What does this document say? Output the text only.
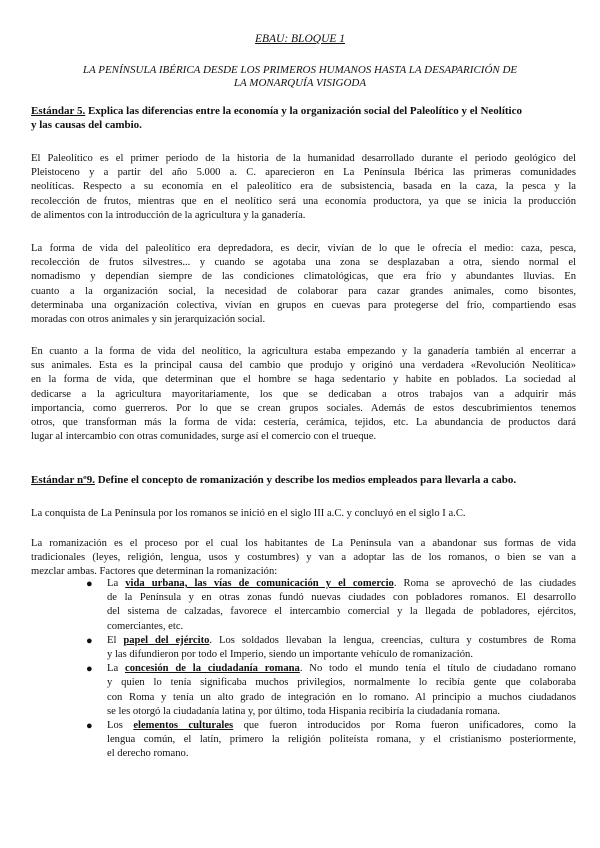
EBAU: BLOQUE 1
LA PENÍNSULA IBÉRICA DESDE LOS PRIMEROS HUMANOS HASTA LA DESAPARICIÓN DE
LA MONARQUÍA VISIGODA
Estándar 5. Explica las diferencias entre la economía y la organización social del Paleolítico y el Neolítico
y las causas del cambio.
El Paleolítico es el primer periodo de la historia de la humanidad desarrollado durante el periodo geológico del
Pleistoceno y a partir del año 5.000 a. C. aparecieron en La Península Ibérica las primeras comunidades
neolíticas. Respecto a su economía en el paleolítico era de subsistencia, basada en la caza, la pesca y la
recolección de frutos, mientras que en el neolítico será una economía productora, ya que se inicia la producción
de alimentos con la introducción de la agricultura y la ganadería.
La forma de vida del paleolítico era depredadora, es decir, vivían de lo que le ofrecía el medio: caza, pesca,
recolección de frutos silvestres... y cuando se agotaba una zona se desplazaban a otra, siendo normal el
nomadismo y dependían siempre de las condiciones climatológicas, que era frío y abundantes lluvias. En
cuanto a la organización social, la necesidad de colaborar para cazar grandes animales, como bisontes,
determinaba una organización colectiva, vivían en grupos en cuevas para protegerse del frío, compartiendo esas
moradas con otros animales y sin jerarquización social.
En cuanto a la forma de vida del neolítico, la agricultura estaba empezando y la ganadería también al encerrar a
sus animales. Esta es la principal causa del cambio que produjo y originó una verdadera «Revolución Neolítica»
en la forma de vida, que determinan que el hombre se haga sedentario y habite en poblados. La sociedad al
dedicarse a la agricultura mayoritariamente, los que se dedicaban a otros trabajos van a adquirir más
importancia, como guerreros. Por lo que se crean grupos sociales. Además de estos descubrimientos tenemos
otros, que transforman más la forma de vida: cestería, cerámica, tejidos, etc. La abundancia de productos dará
lugar al intercambio con otras comunidades, surge así el comercio con el trueque.
Estándar nº9. Define el concepto de romanización y describe los medios empleados para llevarla a cabo.
La conquista de La Península por los romanos se inició en el siglo III a.C. y concluyó en el siglo I a.C.
La romanización es el proceso por el cual los habitantes de La Península van a abandonar sus formas de vida
tradicionales (leyes, religión, lengua, usos y costumbres) y van a adoptar las de los romanos, o bien se van a
mezclar ambas. Factores que determinan la romanización:
● La vida urbana, las vías de comunicación y el comercio. Roma se aprovechó de las ciudades
de la Península y en otras zonas fundó nuevas ciudades con pobladores romanos. El desarrollo
del sistema de calzadas, favorece el intercambio comercial y la llegada de pobladores, ejércitos,
comerciantes, etc.
● El papel del ejército. Los soldados llevaban la lengua, creencias, cultura y costumbres de Roma
y las difundieron por todo el Imperio, siendo un importante vehículo de romanización.
● La concesión de la ciudadanía romana. No todo el mundo tenía el título de ciudadano romano
y quien lo tenía significaba muchos privilegios, normalmente lo recibía gente que colaboraba
con Roma y tenía un alto grado de integración en lo romano. Al principio a muchos ciudadanos
se les otorgó la ciudadanía latina y, por último, toda Hispania recibiría la ciudadanía romana.
● Los elementos culturales que fueron introducidos por Roma fueron unificadores, como la
lengua común, el latín, primero la religión politeísta romana, y el cristianismo posteriormente,
el derecho romano.
